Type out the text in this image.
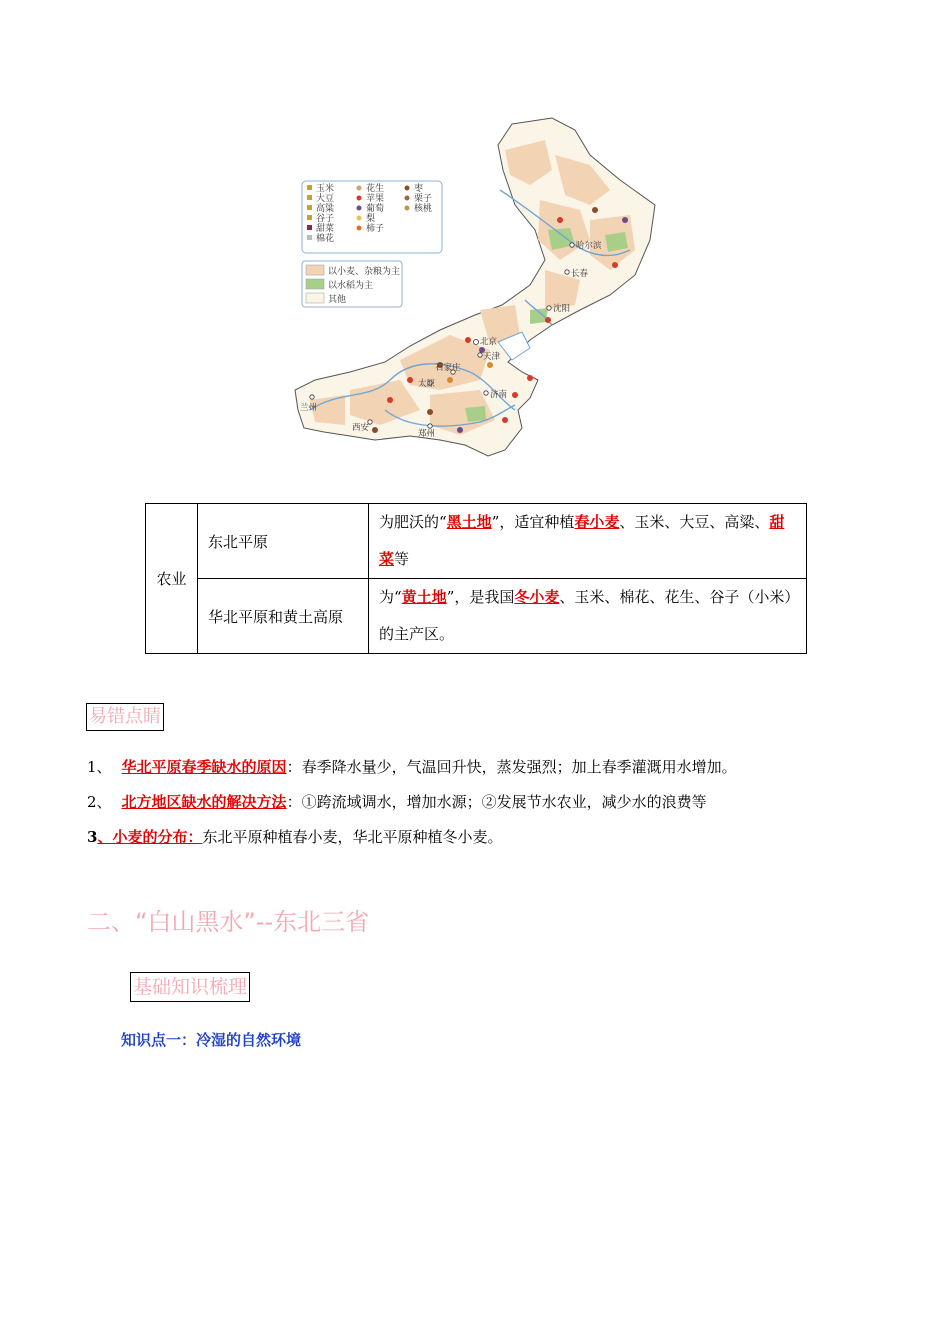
哈尔滨
长春
沈阳
北京
天津
石家庄
太原
济南
兰州
西安
郑州
玉米
大豆
高粱
谷子
甜菜
棉花
花生
苹果
葡萄
梨
柿子
枣
栗子
核桃
以小麦、杂粮为主
以水稻为主
其他
农业	东北平原	为肥沃的“黑土地”，适宜种植春小麦、玉米、大豆、高粱、甜菜等

	华北平原和黄土高原	为“黄土地”，是我国冬小麦、玉米、棉花、花生、谷子（小米）的主产区。
易错点睛
1、 华北平原春季缺水的原因：春季降水量少，气温回升快，蒸发强烈；加上春季灌溉用水增加。
2、 北方地区缺水的解决方法：①跨流域调水，增加水源；②发展节水农业，减少水的浪费等
3、小麦的分布：东北平原种植春小麦，华北平原种植冬小麦。
二、“白山黑水”--东北三省
基础知识梳理
知识点一：冷湿的自然环境
